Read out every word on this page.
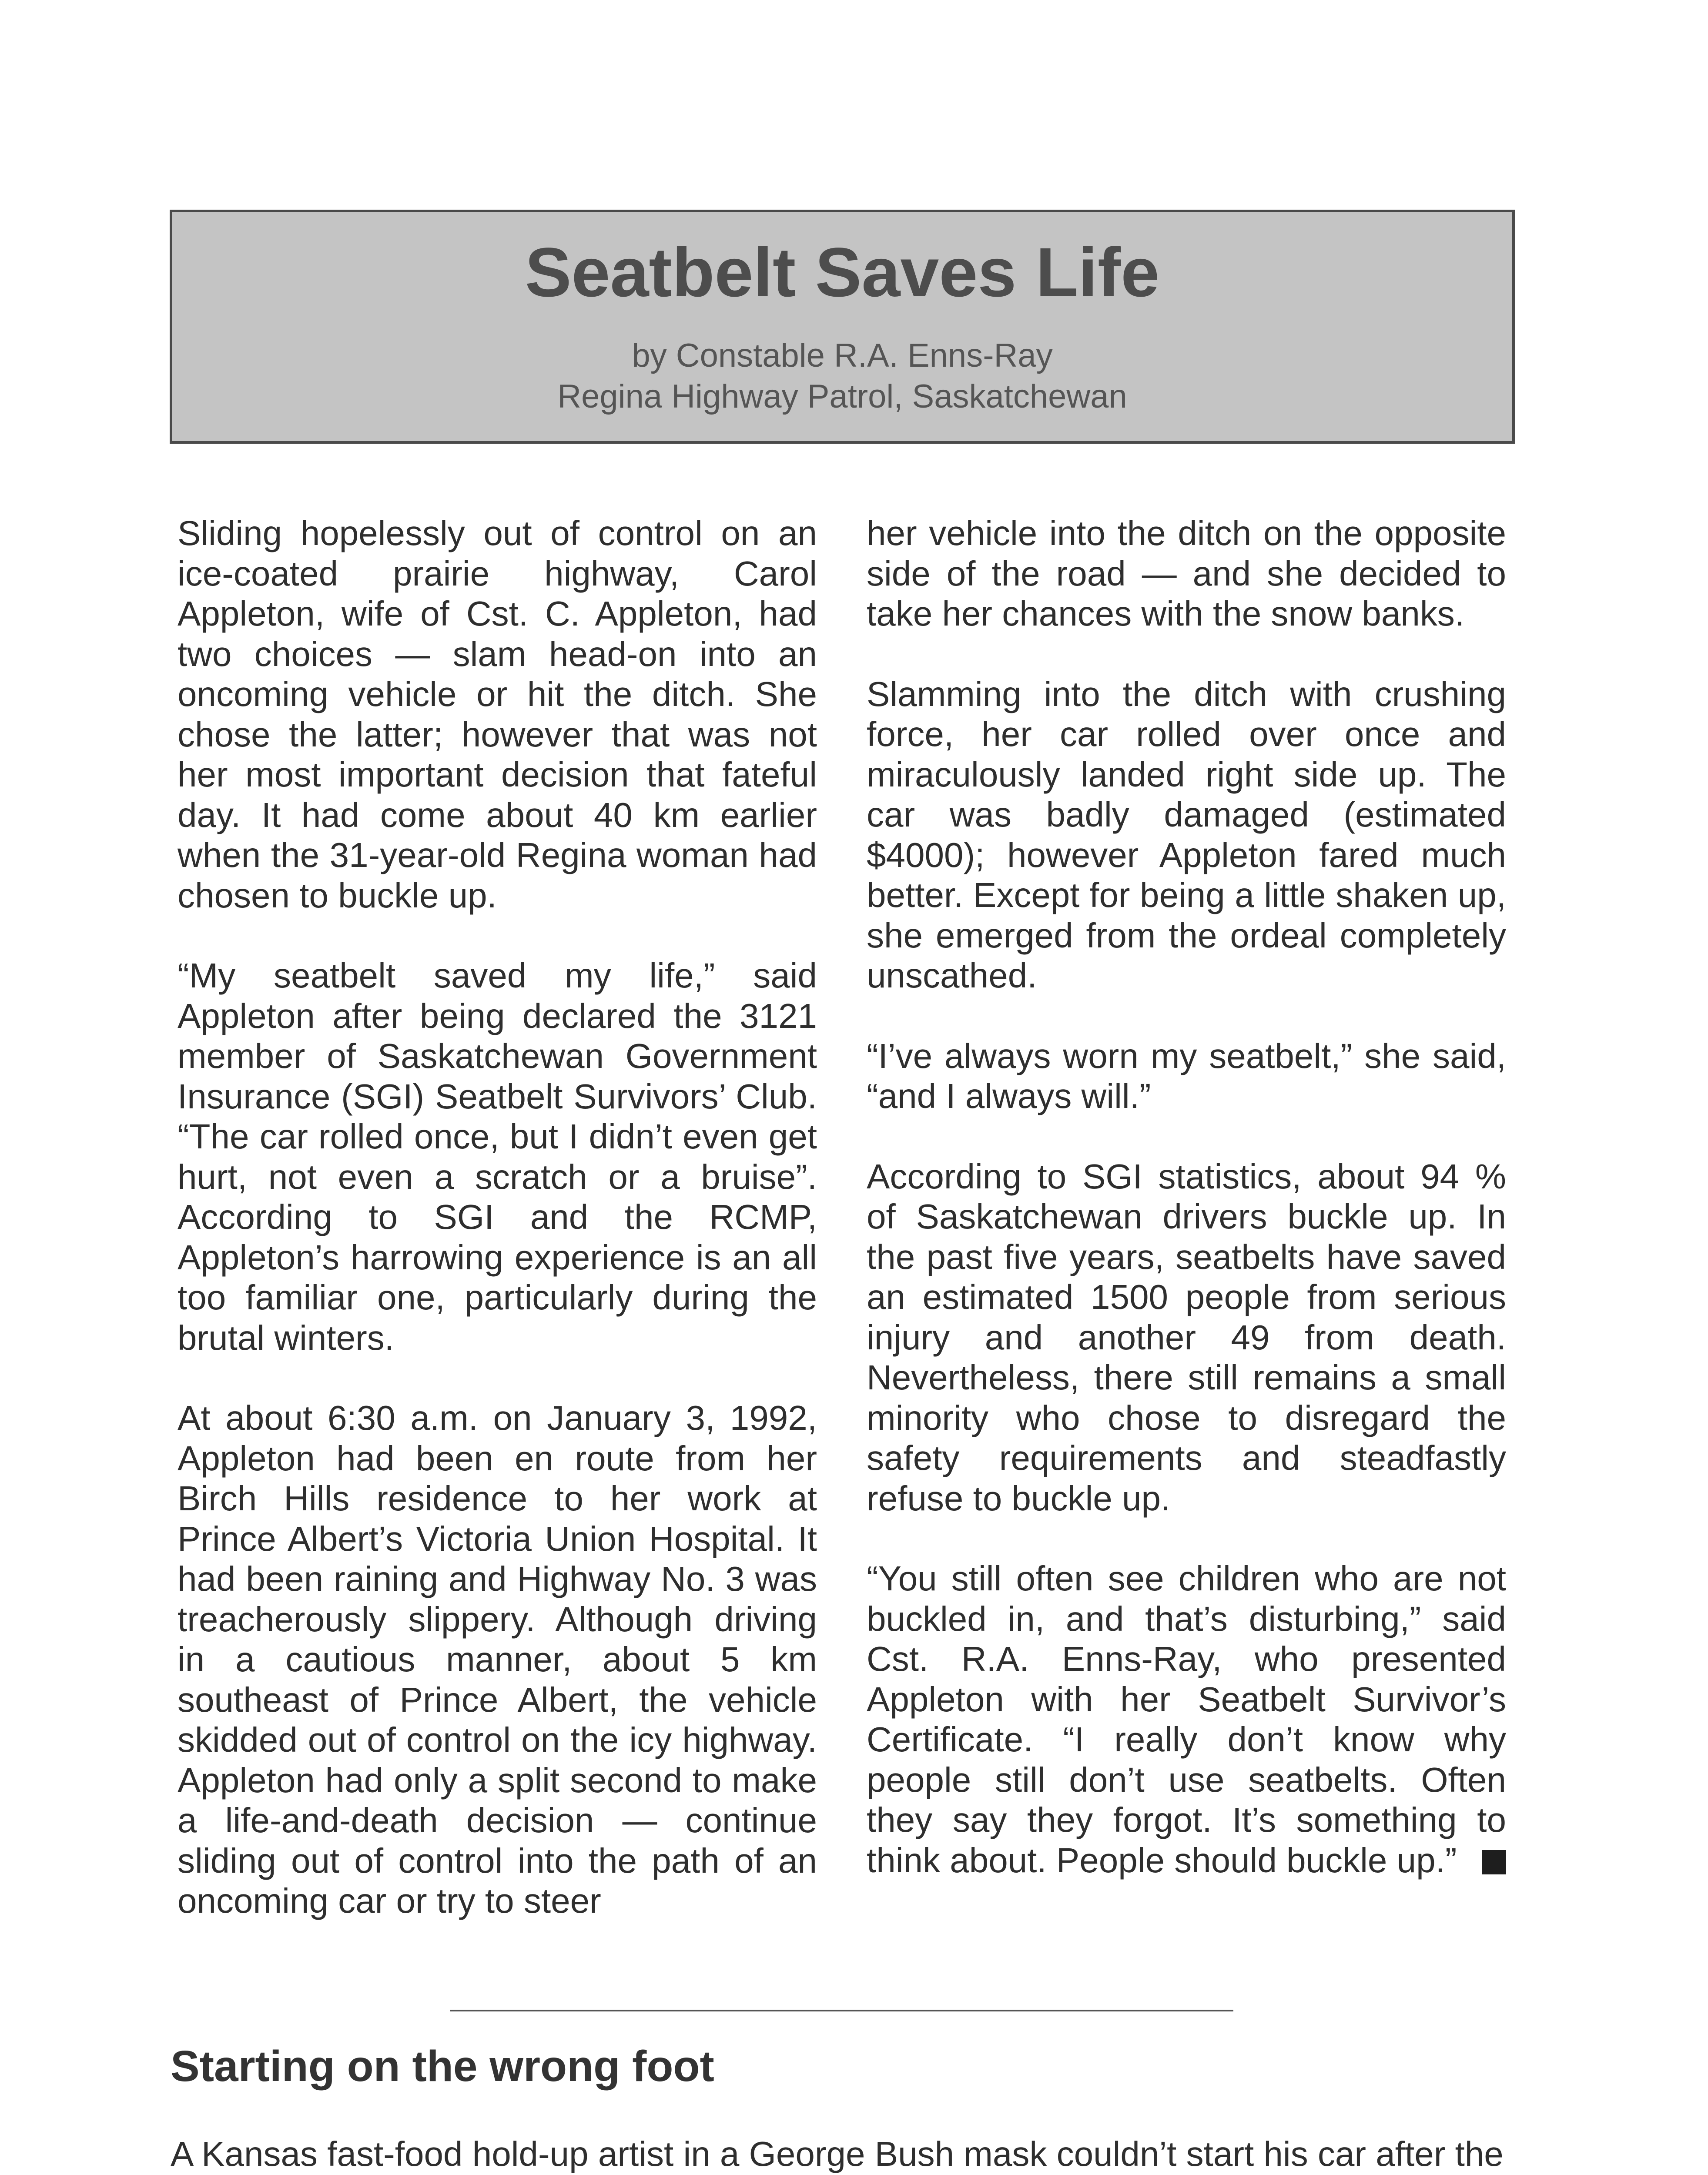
Seatbelt Saves Life
by Constable R.A. Enns-Ray
Regina Highway Patrol, Saskatchewan

Sliding hopelessly out of control on an ice-coated prairie highway, Carol Appleton, wife of Cst. C. Appleton, had two choices — slam head-on into an oncoming vehicle or hit the ditch. She chose the latter; however that was not her most important decision that fateful day. It had come about 40 km earlier when the 31-year-old Regina woman had chosen to buckle up.

“My seatbelt saved my life,” said Appleton after being declared the 3121 member of Saskatchewan Government Insurance (SGI) Seatbelt Survivors’ Club. “The car rolled once, but I didn’t even get hurt, not even a scratch or a bruise”. According to SGI and the RCMP, Appleton’s harrowing experience is an all too familiar one, particularly during the brutal winters.

At about 6:30 a.m. on January 3, 1992, Appleton had been en route from her Birch Hills residence to her work at Prince Albert’s Victoria Union Hospital. It had been raining and Highway No. 3 was treacherously slippery. Although driving in a cautious manner, about 5 km southeast of Prince Albert, the vehicle skidded out of control on the icy highway. Appleton had only a split second to make a life-and-death decision — continue sliding out of control into the path of an oncoming car or try to steer

her vehicle into the ditch on the opposite side of the road — and she decided to take her chances with the snow banks.

Slamming into the ditch with crushing force, her car rolled over once and miraculously landed right side up. The car was badly damaged (estimated $4000); however Appleton fared much better. Except for being a little shaken up, she emerged from the ordeal completely unscathed.

“I’ve always worn my seatbelt,” she said, “and I always will.”

According to SGI statistics, about 94 % of Saskatchewan drivers buckle up. In the past five years, seatbelts have saved an estimated 1500 people from serious injury and another 49 from death. Nevertheless, there still remains a small minority who chose to disregard the safety requirements and steadfastly refuse to buckle up.

“You still often see children who are not buckled in, and that’s disturbing,” said Cst. R.A. Enns-Ray, who presented Appleton with her Seatbelt Survivor’s Certificate. “I really don’t know why people still don’t use seatbelts. Often they say they forgot. It’s something to think about. People should buckle up.”

Starting on the wrong foot

A Kansas fast-food hold-up artist in a George Bush mask couldn’t start his car after the
